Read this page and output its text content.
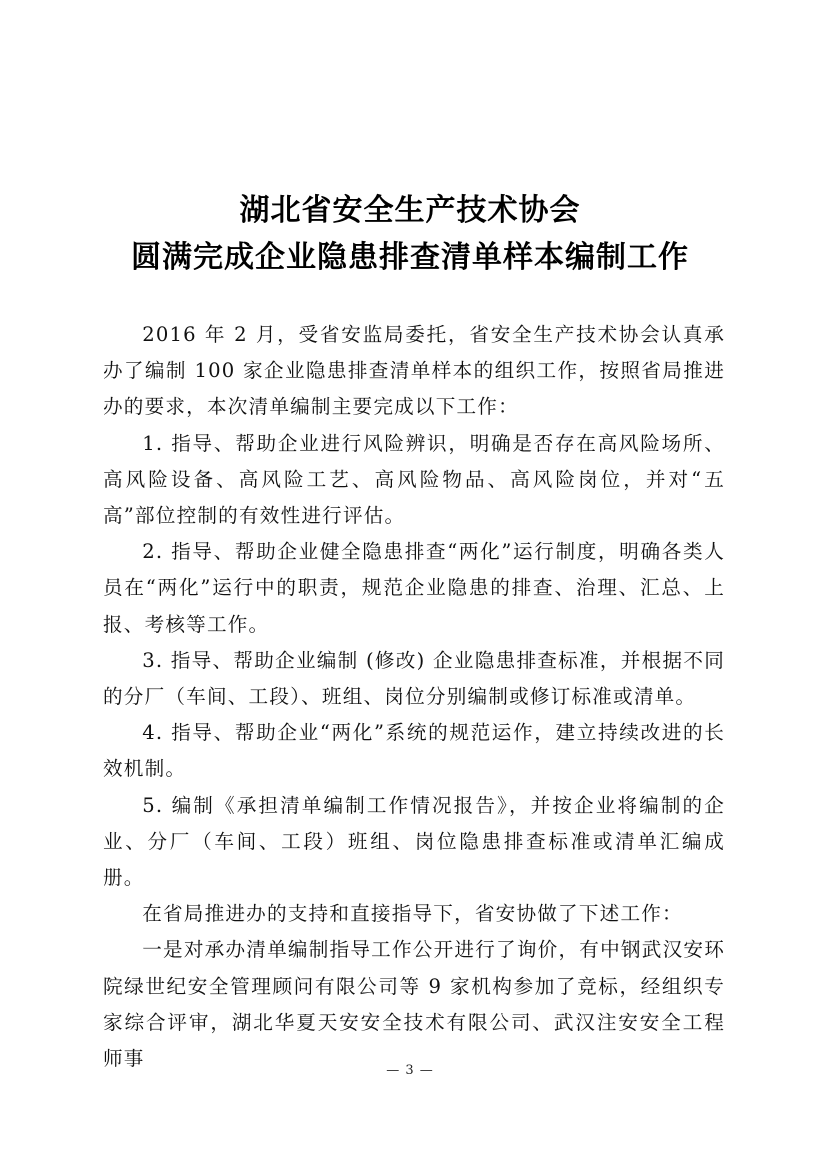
湖北省安全生产技术协会
圆满完成企业隐患排查清单样本编制工作

2016 年 2 月，受省安监局委托，省安全生产技术协会认真承办了编制 100 家企业隐患排查清单样本的组织工作，按照省局推进办的要求，本次清单编制主要完成以下工作：

1. 指导、帮助企业进行风险辨识，明确是否存在高风险场所、高风险设备、高风险工艺、高风险物品、高风险岗位，并对“五高”部位控制的有效性进行评估。

2. 指导、帮助企业健全隐患排查“两化”运行制度，明确各类人员在“两化”运行中的职责，规范企业隐患的排查、治理、汇总、上报、考核等工作。

3. 指导、帮助企业编制 (修改) 企业隐患排查标准，并根据不同的分厂（车间、工段）、班组、岗位分别编制或修订标准或清单。

4. 指导、帮助企业“两化”系统的规范运作，建立持续改进的长效机制。

5. 编制《承担清单编制工作情况报告》，并按企业将编制的企业、分厂（车间、工段）班组、岗位隐患排查标准或清单汇编成册。

在省局推进办的支持和直接指导下，省安协做了下述工作：

一是对承办清单编制指导工作公开进行了询价，有中钢武汉安环院绿世纪安全管理顾问有限公司等 9 家机构参加了竞标，经组织专家综合评审，湖北华夏天安安全技术有限公司、武汉注安安全工程师事

— 3 —
